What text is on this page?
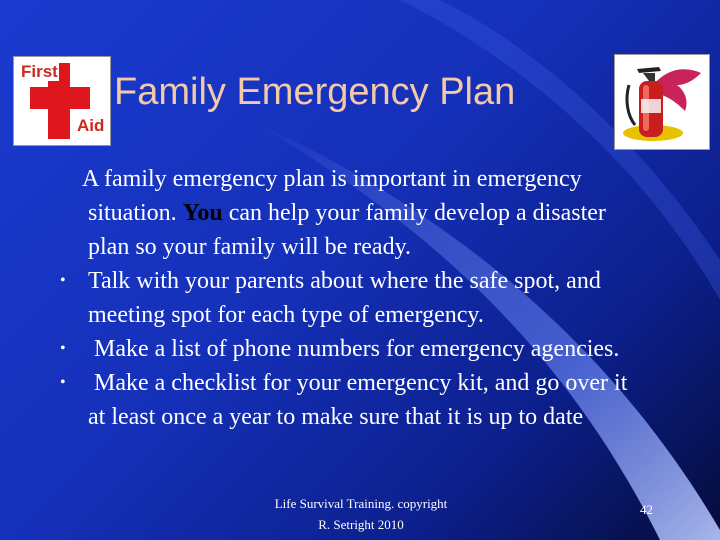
First
Aid
Family Emergency Plan

A family emergency plan is important in emergency situation. You can help your family develop a disaster plan so your family will be ready.

• Talk with your parents about where the safe spot, and meeting spot for each type of emergency.

• Make a list of phone numbers for emergency agencies.

• Make a checklist for your emergency kit, and go over it at least once a year to make sure that it is up to date

Life Survival Training. copyright
R. Setright 2010
42
